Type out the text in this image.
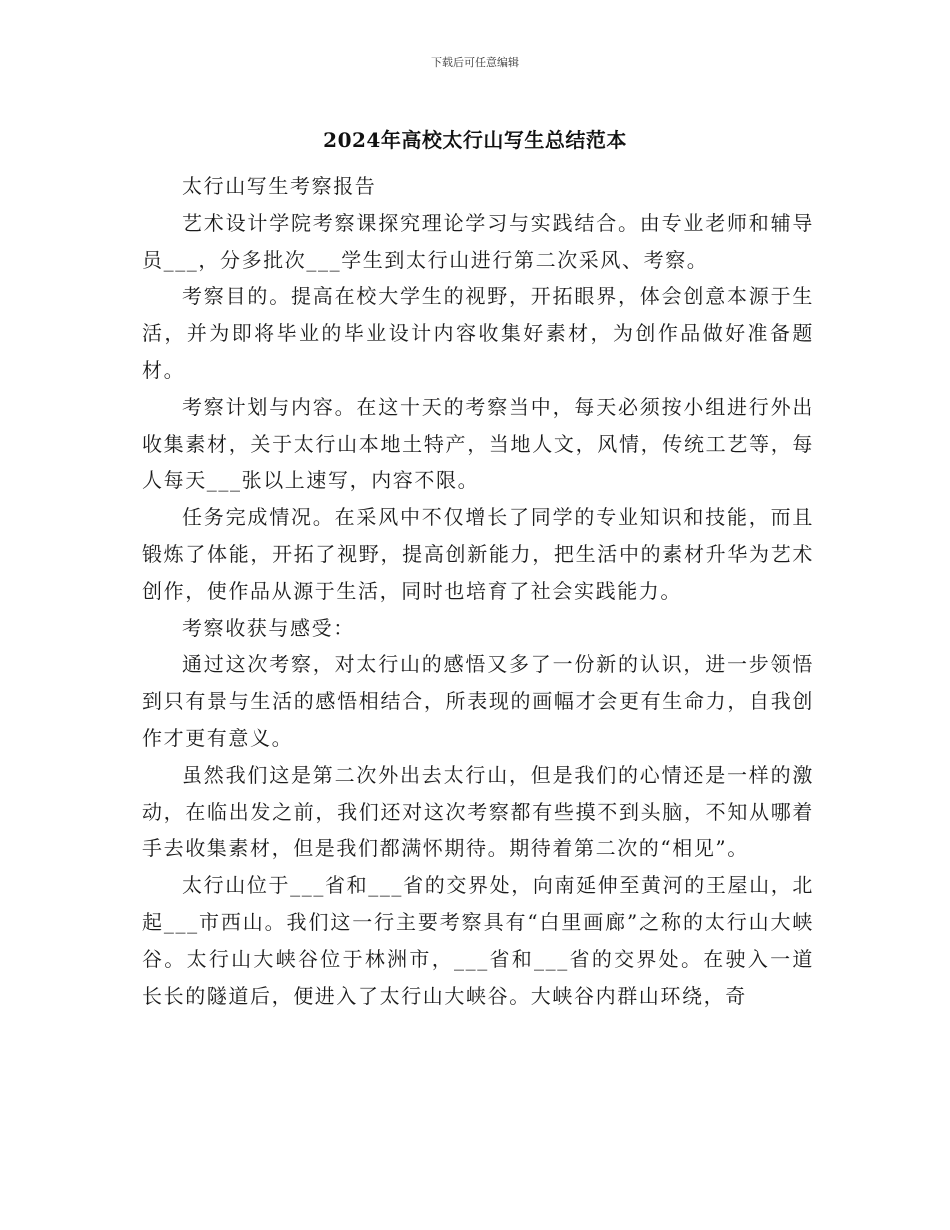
下载后可任意编辑
2024年高校太行山写生总结范本

太行山写生考察报告

艺术设计学院考察课探究理论学习与实践结合。由专业老师和辅导员___，分多批次___学生到太行山进行第二次采风、考察。

考察目的。提高在校大学生的视野，开拓眼界，体会创意本源于生活，并为即将毕业的毕业设计内容收集好素材，为创作品做好准备题材。

考察计划与内容。在这十天的考察当中，每天必须按小组进行外出收集素材，关于太行山本地土特产，当地人文，风情，传统工艺等，每人每天___张以上速写，内容不限。

任务完成情况。在采风中不仅增长了同学的专业知识和技能，而且锻炼了体能，开拓了视野，提高创新能力，把生活中的素材升华为艺术创作，使作品从源于生活，同时也培育了社会实践能力。

考察收获与感受：

通过这次考察，对太行山的感悟又多了一份新的认识，进一步领悟到只有景与生活的感悟相结合，所表现的画幅才会更有生命力，自我创作才更有意义。

虽然我们这是第二次外出去太行山，但是我们的心情还是一样的激动，在临出发之前，我们还对这次考察都有些摸不到头脑，不知从哪着手去收集素材，但是我们都满怀期待。期待着第二次的“相见”。

太行山位于___省和___省的交界处，向南延伸至黄河的王屋山，北起___市西山。我们这一行主要考察具有“白里画廊”之称的太行山大峡谷。太行山大峡谷位于林洲市，___省和___省的交界处。在驶入一道长长的隧道后，便进入了太行山大峡谷。大峡谷内群山环绕，奇
